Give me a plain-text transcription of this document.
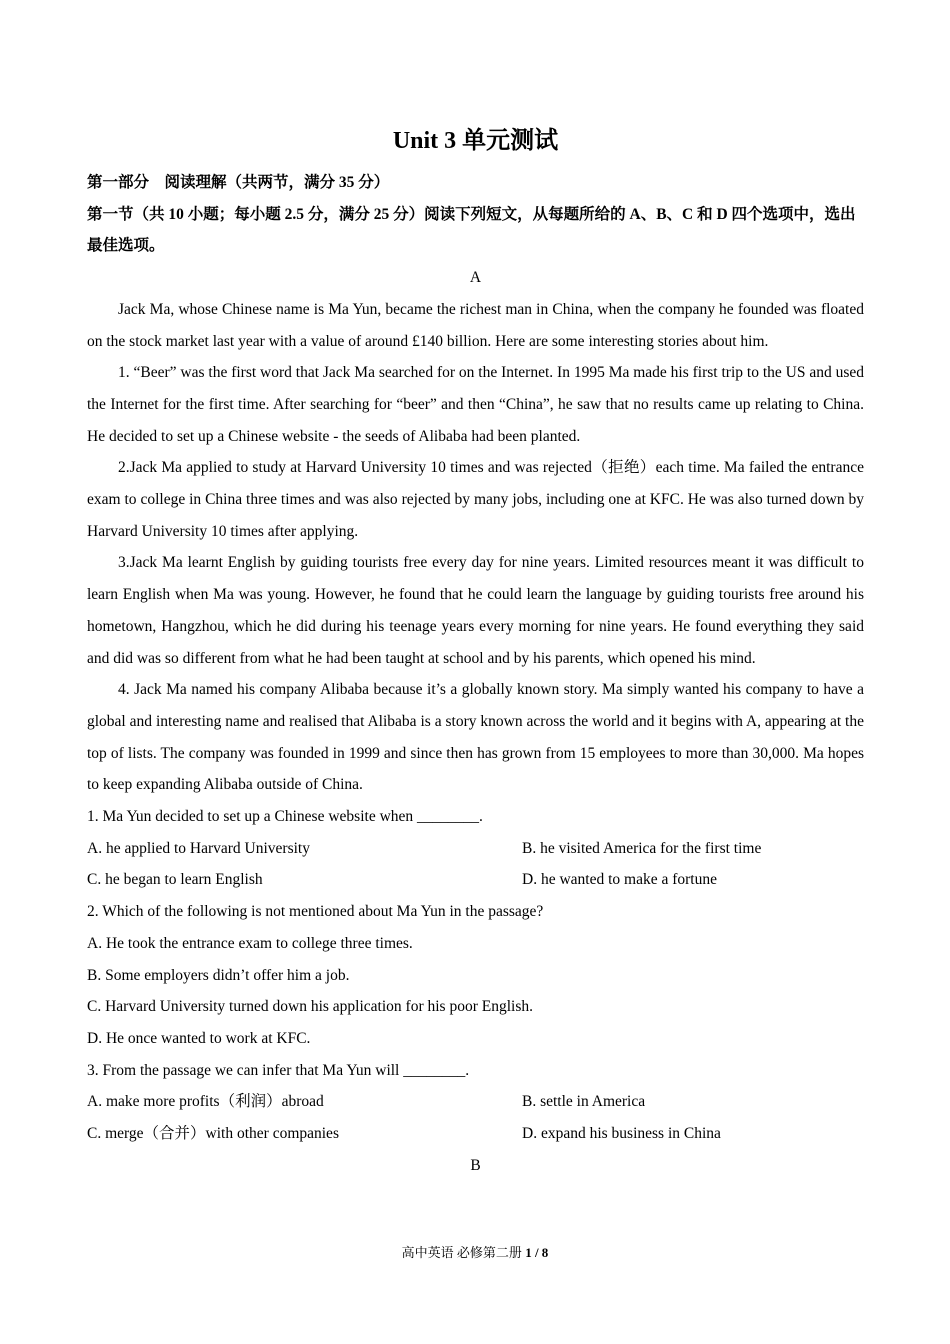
Unit 3 单元测试

第一部分　阅读理解（共两节，满分 35 分）

第一节（共 10 小题；每小题 2.5 分，满分 25 分）阅读下列短文，从每题所给的 A、B、C 和 D 四个选项中，选出最佳选项。

A

Jack Ma, whose Chinese name is Ma Yun, became the richest man in China, when the company he founded was floated on the stock market last year with a value of around £140 billion. Here are some interesting stories about him.

1. “Beer” was the first word that Jack Ma searched for on the Internet. In 1995 Ma made his first trip to the US and used the Internet for the first time. After searching for “beer” and then “China”, he saw that no results came up relating to China. He decided to set up a Chinese website - the seeds of Alibaba had been planted.

2.Jack Ma applied to study at Harvard University 10 times and was rejected（拒绝）each time. Ma failed the entrance exam to college in China three times and was also rejected by many jobs, including one at KFC. He was also turned down by Harvard University 10 times after applying.

3.Jack Ma learnt English by guiding tourists free every day for nine years. Limited resources meant it was difficult to learn English when Ma was young. However, he found that he could learn the language by guiding tourists free around his hometown, Hangzhou, which he did during his teenage years every morning for nine years. He found everything they said and did was so different from what he had been taught at school and by his parents, which opened his mind.

4. Jack Ma named his company Alibaba because it’s a globally known story. Ma simply wanted his company to have a global and interesting name and realised that Alibaba is a story known across the world and it begins with A, appearing at the top of lists. The company was founded in 1999 and since then has grown from 15 employees to more than 30,000. Ma hopes to keep expanding Alibaba outside of China.

1. Ma Yun decided to set up a Chinese website when ________.

A. he applied to Harvard University	B. he visited America for the first time
C. he began to learn English	D. he wanted to make a fortune

2. Which of the following is not mentioned about Ma Yun in the passage?

A. He took the entrance exam to college three times.

B. Some employers didn’t offer him a job.

C. Harvard University turned down his application for his poor English.

D. He once wanted to work at KFC.

3. From the passage we can infer that Ma Yun will ________.

A. make more profits（利润）abroad	B. settle in America
C. merge（合并）with other companies	D. expand his business in China

B

高中英语 必修第二册 1 / 8
